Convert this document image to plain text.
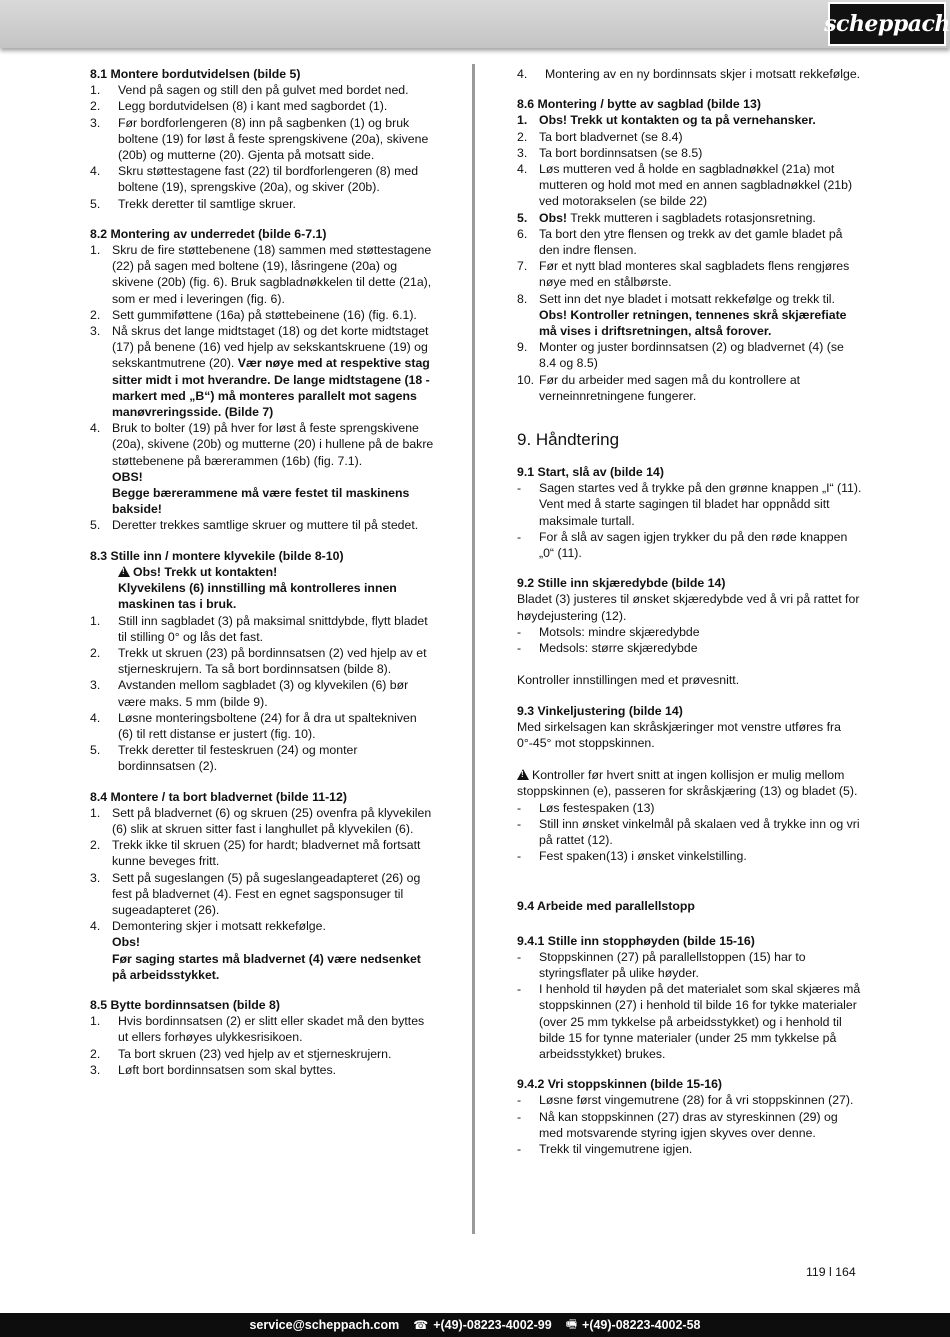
scheppach

8.1 Montere bordutvidelsen (bilde 5)

1.	Vend på sagen og still den på gulvet med bordet ned.
2.	Legg bordutvidelsen (8) i kant med sagbordet (1).
3.	Før bordforlengeren (8) inn på sagbenken (1) og bruk boltene (19) for løst å feste sprengskivene (20a), skivene (20b) og mutterne (20). Gjenta på motsatt side.
4.	Skru støttestagene fast (22) til bordforlengeren (8) med boltene (19), sprengskive (20a), og skiver (20b).
5.	Trekk deretter til samtlige skruer.

8.2 Montering av underredet (bilde 6-7.1)

1. Skru de fire støttebenene (18) sammen med støttestagene (22) på sagen med boltene (19), låsringene (20a) og skivene (20b) (fig. 6). Bruk sagbladnøkkelen til dette (21a), som er med i leveringen (fig. 6).
2. Sett gummiføttene (16a) på støttebeinene (16) (fig. 6.1).
3. Nå skrus det lange midtstaget (18) og det korte midtstaget (17) på benene (16) ved hjelp av sekskantskruene (19) og sekskantmutrene (20). Vær nøye med at respektive stag sitter midt i mot hverandre. De lange midtstagene (18 -markert med „B“) må monteres parallelt mot sagens manøvreringsside. (Bilde 7)
4. Bruk to bolter (19) på hver for løst å feste sprengskivene (20a), skivene (20b) og mutterne (20) i hullene på de bakre støttebenene på bærerammen (16b) (fig. 7.1).
OBS!
Begge bærerammene må være festet til maskinens bakside!
5. Deretter trekkes samtlige skruer og muttere til på stedet.

8.3 Stille inn / montere klyvekile (bilde 8-10)

!Obs! Trekk ut kontakten!
Klyvekilens (6) innstilling må kontrolleres innen maskinen tas i bruk.
1.	Still inn sagbladet (3) på maksimal snittdybde, flytt bladet til stilling 0° og lås det fast.
2.	Trekk ut skruen (23) på bordinnsatsen (2) ved hjelp av et stjerneskrujern. Ta så bort bordinnsatsen (bilde 8).
3.	Avstanden mellom sagbladet (3) og klyvekilen (6) bør være maks. 5 mm (bilde 9).
4.	Løsne monteringsboltene (24) for å dra ut spaltekniven (6) til rett distanse er justert (fig. 10).
5.	Trekk deretter til festeskruen (24) og monter bordinnsatsen (2).

8.4 Montere / ta bort bladvernet (bilde 11-12)

1. Sett på bladvernet (6) og skruen (25) ovenfra på klyvekilen (6) slik at skruen sitter fast i langhullet på klyvekilen (6).
2. Trekk ikke til skruen (25) for hardt; bladvernet må fortsatt kunne beveges fritt.
3. Sett på sugeslangen (5) på sugeslangeadapteret (26) og fest på bladvernet (4). Fest en egnet sagsponsuger til sugeadapteret (26).
4. Demontering skjer i motsatt rekkefølge.
Obs!
Før saging startes må bladvernet (4) være nedsenket på arbeidsstykket.

8.5 Bytte bordinnsatsen (bilde 8)

1.	Hvis bordinnsatsen (2) er slitt eller skadet må den byttes ut ellers forhøyes ulykkesrisikoen.
2.	Ta bort skruen (23) ved hjelp av et stjerneskrujern.
3.	Løft bort bordinnsatsen som skal byttes.
4.	Montering av en ny bordinnsats skjer i motsatt rekkefølge.

8.6 Montering / bytte av sagblad (bilde 13)

1. Obs! Trekk ut kontakten og ta på vernehansker.
2. Ta bort bladvernet (se 8.4)
3. Ta bort bordinnsatsen (se 8.5)
4. Løs mutteren ved å holde en sagbladnøkkel (21a) mot mutteren og hold mot med en annen sagbladnøkkel (21b) ved motorakselen (se bilde 22)
5. Obs! Trekk mutteren i sagbladets rotasjonsretning.
6. Ta bort den ytre flensen og trekk av det gamle bladet på den indre flensen.
7. Før et nytt blad monteres skal sagbladets flens rengjøres nøye med en stålbørste.
8. Sett inn det nye bladet i motsatt rekkefølge og trekk til.
Obs! Kontroller retningen, tennenes skrå skjærefiate må vises i driftsretningen, altså forover.
9. Monter og juster bordinnsatsen (2) og bladvernet (4) (se 8.4 og 8.5)
10. Før du arbeider med sagen må du kontrollere at verneinnretningene fungerer.

9. Håndtering

9.1 Start, slå av (bilde 14)

-	Sagen startes ved å trykke på den grønne knappen „I“ (11). Vent med å starte sagingen til bladet har oppnådd sitt maksimale turtall.
-	For å slå av sagen igjen trykker du på den røde knappen „0“ (11).

9.2 Stille inn skjæredybde (bilde 14)

Bladet (3) justeres til ønsket skjæredybde ved å vri på rattet for høydejustering (12).

-	Motsols: mindre skjæredybde
-	Medsols: større skjæredybde

Kontroller innstillingen med et prøvesnitt.

9.3 Vinkeljustering (bilde 14)

Med sirkelsagen kan skråskjæringer mot venstre utføres fra 0°-45° mot stoppskinnen.

!Kontroller før hvert snitt at ingen kollisjon er mulig mellom stoppskinnen (e), passeren for skråskjæring (13) og bladet (5).

-	Løs festespaken (13)
-	Still inn ønsket vinkelmål på skalaen ved å trykke inn og vri på rattet (12).
-	Fest spaken(13) i ønsket vinkelstilling.

9.4 Arbeide med parallellstopp

9.4.1 Stille inn stopphøyden (bilde 15-16)

-	Stoppskinnen (27) på parallellstoppen (15) har to styringsflater på ulike høyder.
-	I henhold til høyden på det materialet som skal skjæres må stoppskinnen (27) i henhold til bilde 16 for tykke materialer (over 25 mm tykkelse på arbeidsstykket) og i henhold til bilde 15 for tynne materialer (under 25 mm tykkelse på arbeidsstykket) brukes.

9.4.2 Vri stoppskinnen (bilde 15-16)

-	Løsne først vingemutrene (28) for å vri stoppskinnen (27).
-	Nå kan stoppskinnen (27) dras av styreskinnen (29) og med motsvarende styring igjen skyves over denne.
-	Trekk til vingemutrene igjen.
119 l 164
service@scheppach.com ☎ +(49)-08223-4002-99 🖷 +(49)-08223-4002-58
